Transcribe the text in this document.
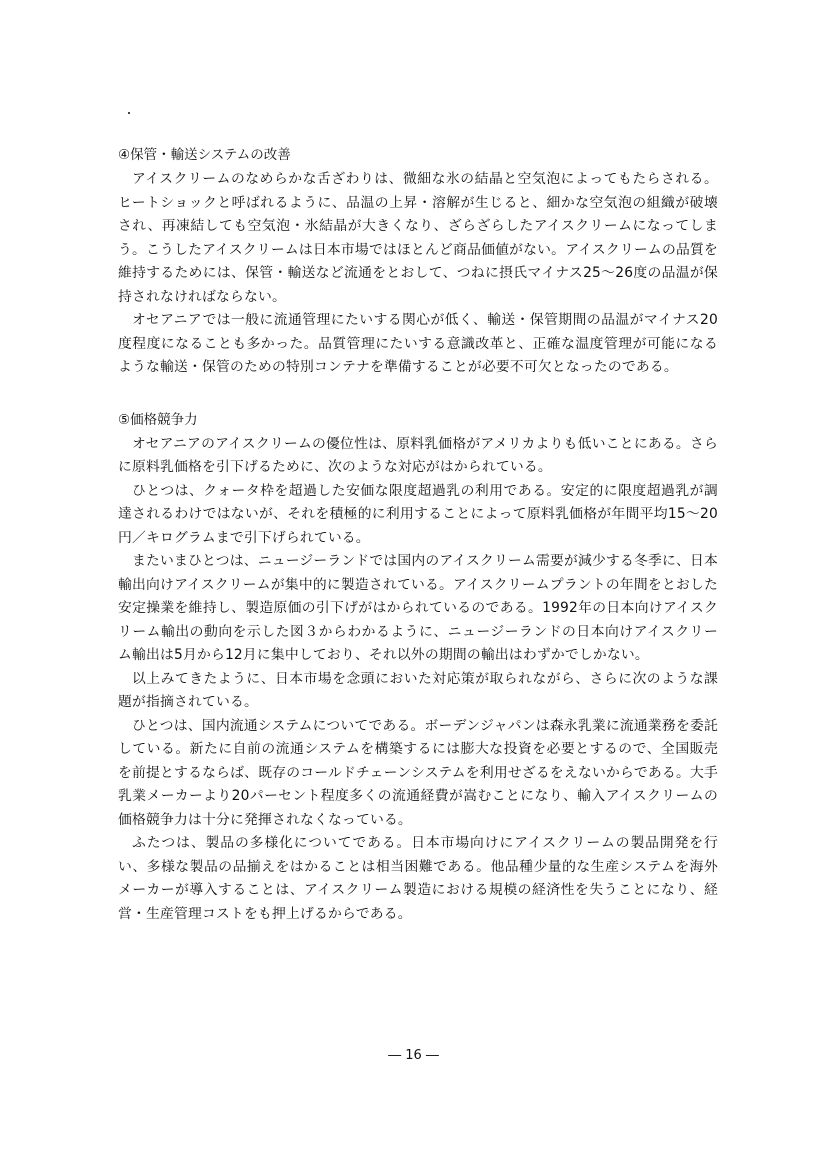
④保管・輸送システムの改善

アイスクリームのなめらかな舌ざわりは、微細な氷の結晶と空気泡によってもたらされる。ヒートショックと呼ばれるように、品温の上昇・溶解が生じると、細かな空気泡の組織が破壊され、再凍結しても空気泡・氷結晶が大きくなり、ざらざらしたアイスクリームになってしまう。こうしたアイスクリームは日本市場ではほとんど商品価値がない。アイスクリームの品質を維持するためには、保管・輸送など流通をとおして、つねに摂氏マイナス25～26度の品温が保持されなければならない。

オセアニアでは一般に流通管理にたいする関心が低く、輸送・保管期間の品温がマイナス20度程度になることも多かった。品質管理にたいする意識改革と、正確な温度管理が可能になるような輸送・保管のための特別コンテナを準備することが必要不可欠となったのである。

⑤価格競争力

オセアニアのアイスクリームの優位性は、原料乳価格がアメリカよりも低いことにある。さらに原料乳価格を引下げるために、次のような対応がはかられている。

ひとつは、クォータ枠を超過した安価な限度超過乳の利用である。安定的に限度超過乳が調達されるわけではないが、それを積極的に利用することによって原料乳価格が年間平均15～20円／キログラムまで引下げられている。

またいまひとつは、ニュージーランドでは国内のアイスクリーム需要が減少する冬季に、日本輸出向けアイスクリームが集中的に製造されている。アイスクリームプラントの年間をとおした安定操業を維持し、製造原価の引下げがはかられているのである。1992年の日本向けアイスクリーム輸出の動向を示した図３からわかるように、ニュージーランドの日本向けアイスクリーム輸出は5月から12月に集中しており、それ以外の期間の輸出はわずかでしかない。

以上みてきたように、日本市場を念頭においた対応策が取られながら、さらに次のような課題が指摘されている。

ひとつは、国内流通システムについてである。ボーデンジャパンは森永乳業に流通業務を委託している。新たに自前の流通システムを構築するには膨大な投資を必要とするので、全国販売を前提とするならば、既存のコールドチェーンシステムを利用せざるをえないからである。大手乳業メーカーより20パーセント程度多くの流通経費が嵩むことになり、輸入アイスクリームの価格競争力は十分に発揮されなくなっている。

ふたつは、製品の多様化についてである。日本市場向けにアイスクリームの製品開発を行い、多様な製品の品揃えをはかることは相当困難である。他品種少量的な生産システムを海外メーカーが導入することは、アイスクリーム製造における規模の経済性を失うことになり、経営・生産管理コストをも押上げるからである。

― 16 ―
